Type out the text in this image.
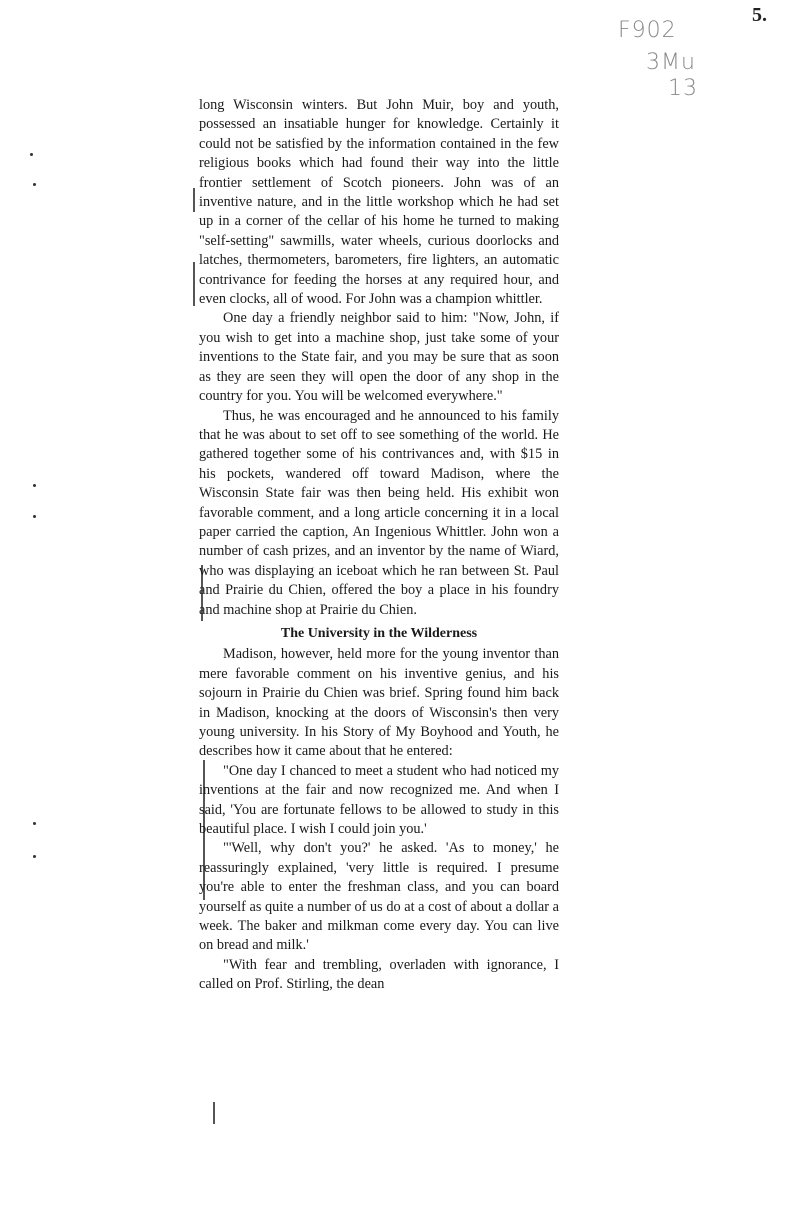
5.
F902
3Mu
13

long Wisconsin winters. But John Muir, boy and youth, possessed an insatiable hunger for knowledge. Certainly it could not be satisfied by the information contained in the few religious books which had found their way into the little frontier settlement of Scotch pioneers. John was of an inventive nature, and in the little workshop which he had set up in a corner of the cellar of his home he turned to making "self-setting" sawmills, water wheels, curious doorlocks and latches, thermometers, barometers, fire lighters, an automatic contrivance for feeding the horses at any required hour, and even clocks, all of wood. For John was a champion whittler.

One day a friendly neighbor said to him: "Now, John, if you wish to get into a machine shop, just take some of your inventions to the State fair, and you may be sure that as soon as they are seen they will open the door of any shop in the country for you. You will be welcomed everywhere."

Thus, he was encouraged and he announced to his family that he was about to set off to see something of the world. He gathered together some of his contrivances and, with $15 in his pockets, wandered off toward Madison, where the Wisconsin State fair was then being held. His exhibit won favorable comment, and a long article concerning it in a local paper carried the caption, An Ingenious Whittler. John won a number of cash prizes, and an inventor by the name of Wiard, who was displaying an iceboat which he ran between St. Paul and Prairie du Chien, offered the boy a place in his foundry and machine shop at Prairie du Chien.

The University in the Wilderness

Madison, however, held more for the young inventor than mere favorable comment on his inventive genius, and his sojourn in Prairie du Chien was brief. Spring found him back in Madison, knocking at the doors of Wisconsin's then very young university. In his Story of My Boyhood and Youth, he describes how it came about that he entered:

"One day I chanced to meet a student who had noticed my inventions at the fair and now recognized me. And when I said, 'You are fortunate fellows to be allowed to study in this beautiful place. I wish I could join you.'

"'Well, why don't you?' he asked. 'As to money,' he reassuringly explained, 'very little is required. I presume you're able to enter the freshman class, and you can board yourself as quite a number of us do at a cost of about a dollar a week. The baker and milkman come every day. You can live on bread and milk.'

"With fear and trembling, overladen with ignorance, I called on Prof. Stirling, the dean
